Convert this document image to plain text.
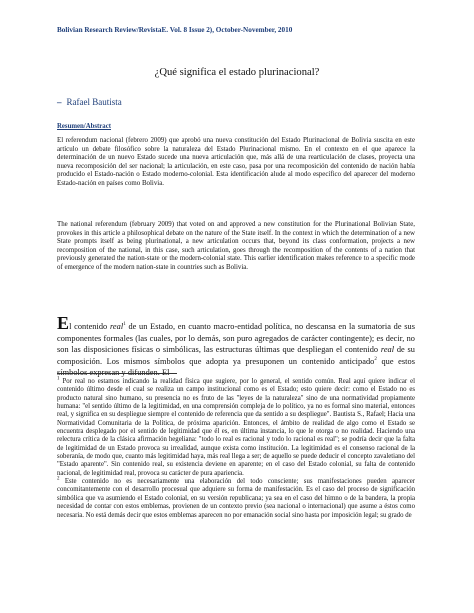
Bolivian Research Review/RevistaE. Vol. 8 Issue 2), October-November, 2010
¿Qué significa el estado plurinacional?
– Rafael Bautista
Resumen/Abstract

El referendum nacional (febrero 2009) que aprobó una nueva constitución del Estado Plurinacional de Bolivia suscita en este artículo un debate filosófico sobre la naturaleza del Estado Plurinacional mismo. En el contexto en el que aparece la determinación de un nuevo Estado sucede una nueva articulación que, más allá de una rearticulación de clases, proyecta una nueva recomposición del ser nacional; la articulación, en este caso, pasa por una recomposición del contenido de nación había producido el Estado-nación o Estado moderno-colonial. Esta identificación alude al modo específico del aparecer del moderno Estado-nación en países como Bolivia.

The national referendum (february 2009) that voted on and approved a new constitution for the Plurinational Bolivian State, provokes in this article a philosophical debate on the nature of the State itself. In the context in which the determination of a new State prompts itself as being plurinational, a new articulation occurs that, beyond its class conformation, projects a new recomposition of the national, in this case, such articulation, goes through the recomposition of the contents of a nation that previously generated the nation-state or the modern-colonial state. This earlier identification makes reference to a specific mode of emergence of the modern nation-state in countries such as Bolivia.

El contenido real$^1$ de un Estado, en cuanto macro-entidad política, no descansa en la sumatoria de sus componentes formales (las cuales, por lo demás, son puro agregados de carácter contingente); es decir, no son las disposiciones físicas o simbólicas, las estructuras últimas que despliegan el contenido real de su composición. Los mismos símbolos que adopta ya presuponen un contenido anticipado$^2$ que estos símbolos expresan y difunden. El

$^1$ Por real no estamos indicando la realidad física que sugiere, por lo general, el sentido común. Real aquí quiere indicar el contenido último desde el cual se realiza un campo institucional como es el Estado; esto quiere decir: como el Estado no es producto natural sino humano, su presencia no es fruto de las "leyes de la naturaleza" sino de una normatividad propiamente humana: "el sentido último de la legitimidad, en una comprensión compleja de lo político, ya no es formal sino material, entonces real, y significa en su despliegue siempre el contenido de referencia que da sentido a su despliegue". Bautista S., Rafael; Hacia una Normatividad Comunitaria de la Política, de próxima aparición. Entonces, el ámbito de realidad de algo como el Estado se encuentra desplegado por el sentido de legitimidad que él es, en última instancia, lo que le otorga o no realidad. Haciendo una relectura crítica de la clásica afirmación hegeliana: "todo lo real es racional y todo lo racional es real"; se podría decir que la falta de legitimidad de un Estado provoca su irrealidad, aunque exista como institución. La legitimidad es el consenso racional de la soberanía, de modo que, cuanto más legitimidad haya, más real llega a ser; de aquello se puede deducir el concepto zavaletiano del "Estado aparente". Sin contenido real, su existencia deviene en aparente; en el caso del Estado colonial, su falta de contenido nacional, de legitimidad real, provoca su carácter de pura apariencia.

$^2$ Este contenido no es necesariamente una elaboración del todo consciente; sus manifestaciones pueden aparecer concomitantemente con el desarrollo procesual que adquiere su forma de manifestación. Es el caso del proceso de significación simbólica que va asumiendo el Estado colonial, en su versión republicana; ya sea en el caso del himno o de la bandera, la propia necesidad de contar con estos emblemas, provienen de un contexto previo (sea nacional o internacional) que asume a éstos como necesaria. No está demás decir que estos emblemas aparecen no por emanación social sino hasta por imposición legal; su grado de
